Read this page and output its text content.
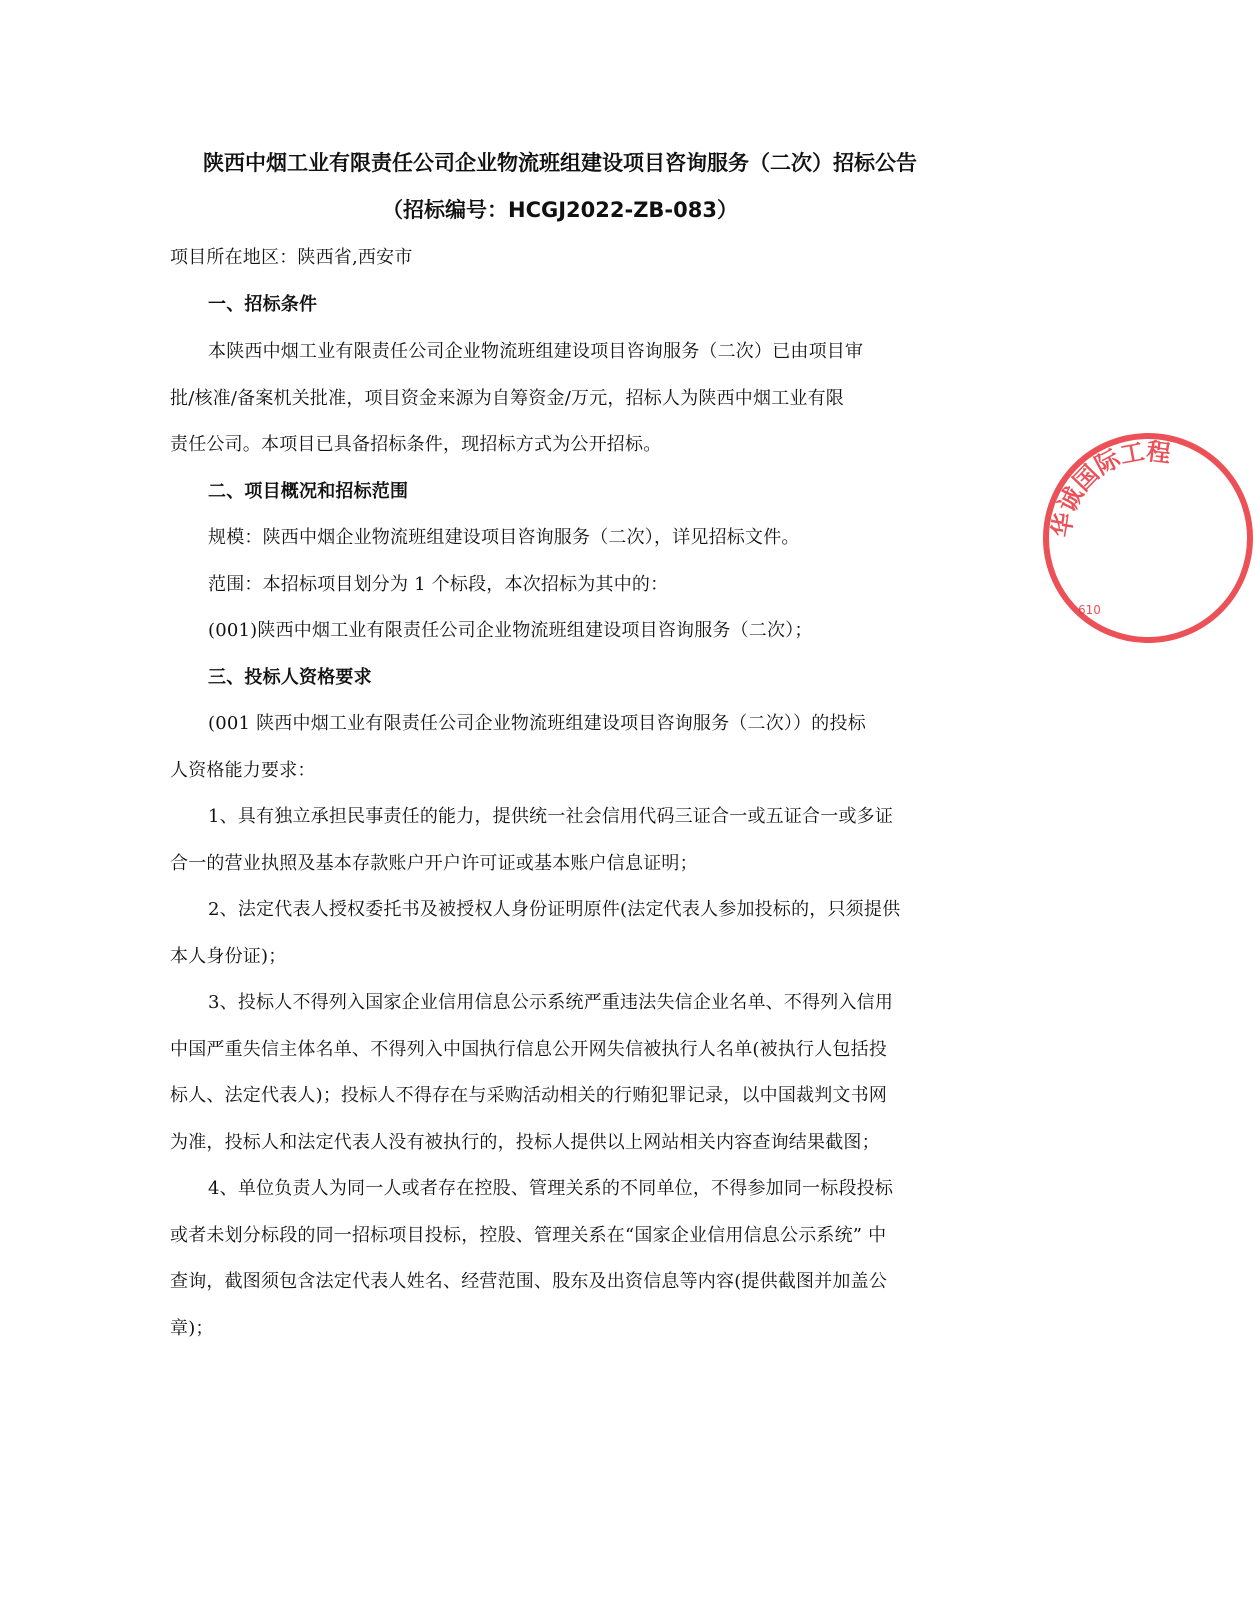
陕西中烟工业有限责任公司企业物流班组建设项目咨询服务（二次）招标公告
（招标编号：HCGJ2022-ZB-083）

项目所在地区：陕西省,西安市

一、招标条件

本陕西中烟工业有限责任公司企业物流班组建设项目咨询服务（二次）已由项目审

批/核准/备案机关批准，项目资金来源为自筹资金/万元，招标人为陕西中烟工业有限

责任公司。本项目已具备招标条件，现招标方式为公开招标。

二、项目概况和招标范围

规模：陕西中烟企业物流班组建设项目咨询服务（二次），详见招标文件。

范围：本招标项目划分为 1 个标段，本次招标为其中的：

(001)陕西中烟工业有限责任公司企业物流班组建设项目咨询服务（二次）；

三、投标人资格要求

(001 陕西中烟工业有限责任公司企业物流班组建设项目咨询服务（二次））的投标

人资格能力要求：

1、具有独立承担民事责任的能力，提供统一社会信用代码三证合一或五证合一或多证

合一的营业执照及基本存款账户开户许可证或基本账户信息证明；

2、法定代表人授权委托书及被授权人身份证明原件(法定代表人参加投标的，只须提供

本人身份证)；

3、投标人不得列入国家企业信用信息公示系统严重违法失信企业名单、不得列入信用

中国严重失信主体名单、不得列入中国执行信息公开网失信被执行人名单(被执行人包括投

标人、法定代表人)；投标人不得存在与采购活动相关的行贿犯罪记录，以中国裁判文书网

为准，投标人和法定代表人没有被执行的，投标人提供以上网站相关内容查询结果截图；

4、单位负责人为同一人或者存在控股、管理关系的不同单位，不得参加同一标段投标

或者未划分标段的同一招标项目投标，控股、管理关系在“国家企业信用信息公示系统” 中

查询，截图须包含法定代表人姓名、经营范围、股东及出资信息等内容(提供截图并加盖公

章)；

华诚国际工程
610
